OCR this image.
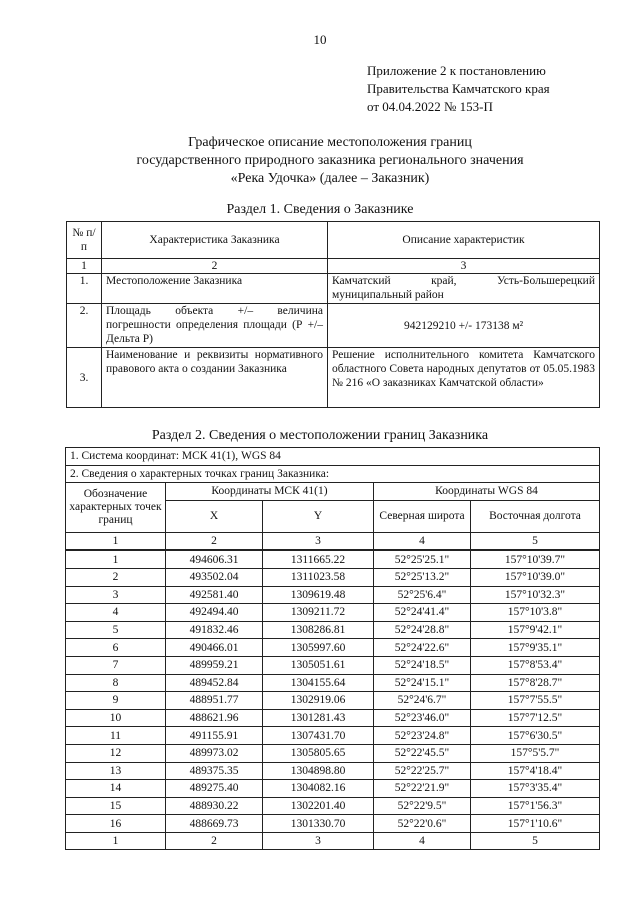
10
Приложение 2 к постановлению
Правительства Камчатского края
от 04.04.2022 № 153-П
Графическое описание местоположения границ
государственного природного заказника регионального значения
«Река Удочка» (далее – Заказник)
Раздел 1. Сведения о Заказнике
№ п/п	Характеристика Заказника	Описание характеристик
1	2	3
1.	Местоположение Заказника	Камчатский край, Усть-Большерецкий муниципальный район
2.	Площадь объекта +/– величина погрешности определения площади (Р +/– Дельта Р)	942129210 +/- 173138 м²
3.	Наименование и реквизиты нормативного правового акта о создании Заказника	Решение исполнительного комитета Камчатского областного Совета народных депутатов от 05.05.1983 № 216 «О заказниках Камчатской области»
Раздел 2. Сведения о местоположении границ Заказника
1. Система координат: МСК 41(1), WGS 84				
2. Сведения о характерных точках границ Заказника:				
Обозначение характерных точек границ	Координаты МСК 41(1)		Координаты WGS 84	
	X	Y	Северная широта	Восточная долгота
1	2	3	4	5
1	494606.31	1311665.22	52°25'25.1"	157°10'39.7"
2	493502.04	1311023.58	52°25'13.2"	157°10'39.0"
3	492581.40	1309619.48	52°25'6.4"	157°10'32.3"
4	492494.40	1309211.72	52°24'41.4"	157°10'3.8"
5	491832.46	1308286.81	52°24'28.8"	157°9'42.1"
6	490466.01	1305997.60	52°24'22.6"	157°9'35.1"
7	489959.21	1305051.61	52°24'18.5"	157°8'53.4"
8	489452.84	1304155.64	52°24'15.1"	157°8'28.7"
9	488951.77	1302919.06	52°24'6.7"	157°7'55.5"
10	488621.96	1301281.43	52°23'46.0"	157°7'12.5"
11	491155.91	1307431.70	52°23'24.8"	157°6'30.5"
12	489973.02	1305805.65	52°22'45.5"	157°5'5.7"
13	489375.35	1304898.80	52°22'25.7"	157°4'18.4"
14	489275.40	1304082.16	52°22'21.9"	157°3'35.4"
15	488930.22	1302201.40	52°22'9.5"	157°1'56.3"
16	488669.73	1301330.70	52°22'0.6"	157°1'10.6"
1	2	3	4	5
